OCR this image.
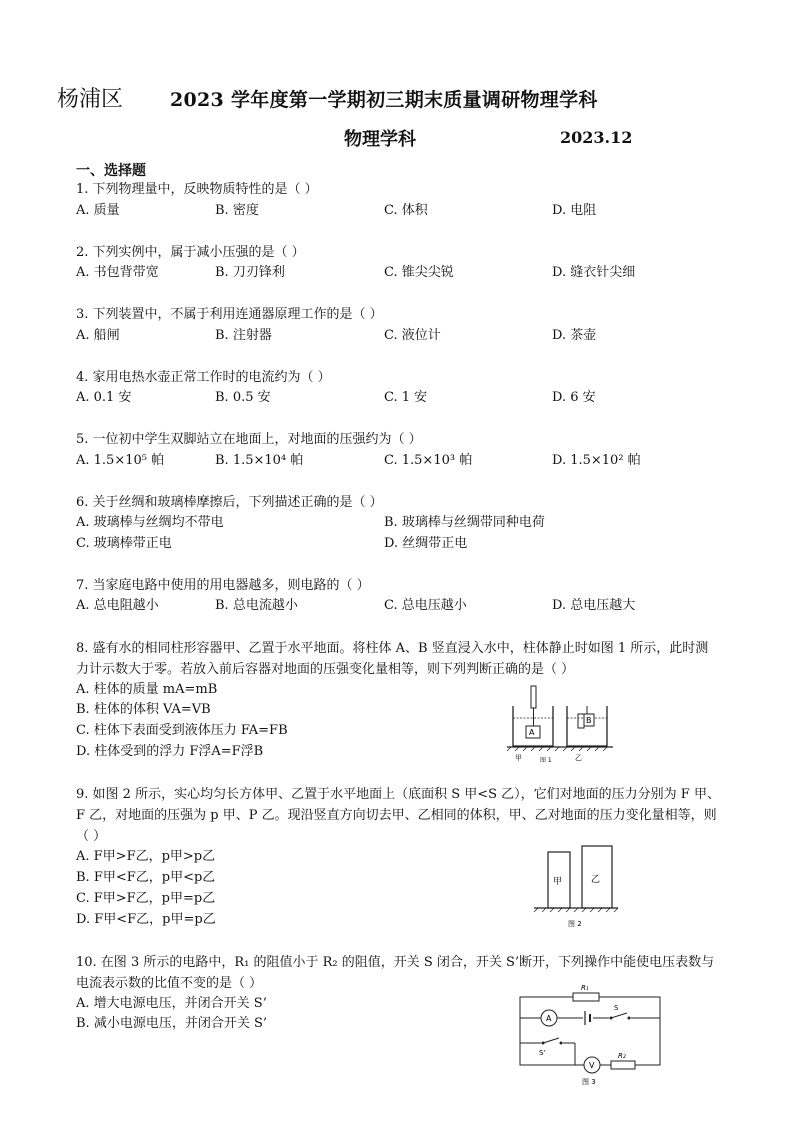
杨浦区 2023 学年度第一学期初三期末质量调研物理学科
物理学科	2023.12
一、选择题
1. 下列物理量中，反映物质特性的是（ ）
A. 质量	B. 密度	C. 体积	D. 电阻
2. 下列实例中，属于减小压强的是（ ）
A. 书包背带宽	B. 刀刃锋利	C. 锥尖尖锐	D. 缝衣针尖细
3. 下列装置中，不属于利用连通器原理工作的是（ ）
A. 船闸	B. 注射器	C. 液位计	D. 茶壶
4. 家用电热水壶正常工作时的电流约为（ ）
A. 0.1 安	B. 0.5 安	C. 1 安	D. 6 安
5. 一位初中学生双脚站立在地面上，对地面的压强约为（ ）
A. 1.5×10⁵ 帕	B. 1.5×10⁴ 帕	C. 1.5×10³ 帕	D. 1.5×10² 帕
6. 关于丝绸和玻璃棒摩擦后，下列描述正确的是（ ）
A. 玻璃棒与丝绸均不带电	B. 玻璃棒与丝绸带同种电荷
C. 玻璃棒带正电	D. 丝绸带正电
7. 当家庭电路中使用的用电器越多，则电路的（ ）
A. 总电阻越小	B. 总电流越小	C. 总电压越小	D. 总电压越大
8. 盛有水的相同柱形容器甲、乙置于水平地面。将柱体 A、B 竖直浸入水中，柱体静止时如图 1 所示，此时测力计示数大于零。若放入前后容器对地面的压强变化量相等，则下列判断正确的是（ ）
A. 柱体的质量 mA=mB
B. 柱体的体积 VA=VB
C. 柱体下表面受到液体压力 FA=FB
D. 柱体受到的浮力 F浮A=F浮B
A
B
甲	图 1	乙
9. 如图 2 所示，实心均匀长方体甲、乙置于水平地面上（底面积 S 甲<S 乙），它们对地面的压力分别为 F 甲、F 乙，对地面的压强为 p 甲、P 乙。现沿竖直方向切去甲、乙相同的体积，甲、乙对地面的压力变化量相等，则（ ）
A. F甲>F乙，p甲>p乙
B. F甲<F乙，p甲<p乙
C. F甲>F乙，p甲=p乙
D. F甲<F乙，p甲=p乙
甲	乙
图 2
10. 在图 3 所示的电路中，R₁ 的阻值小于 R₂ 的阻值，开关 S 闭合，开关 S’断开，下列操作中能使电压表数与电流表示数的比值不变的是（ ）
A. 增大电源电压，并闭合开关 S’
B. 减小电源电压，并闭合开关 S’
R₁
A
S
S’
V
R₂
图 3
